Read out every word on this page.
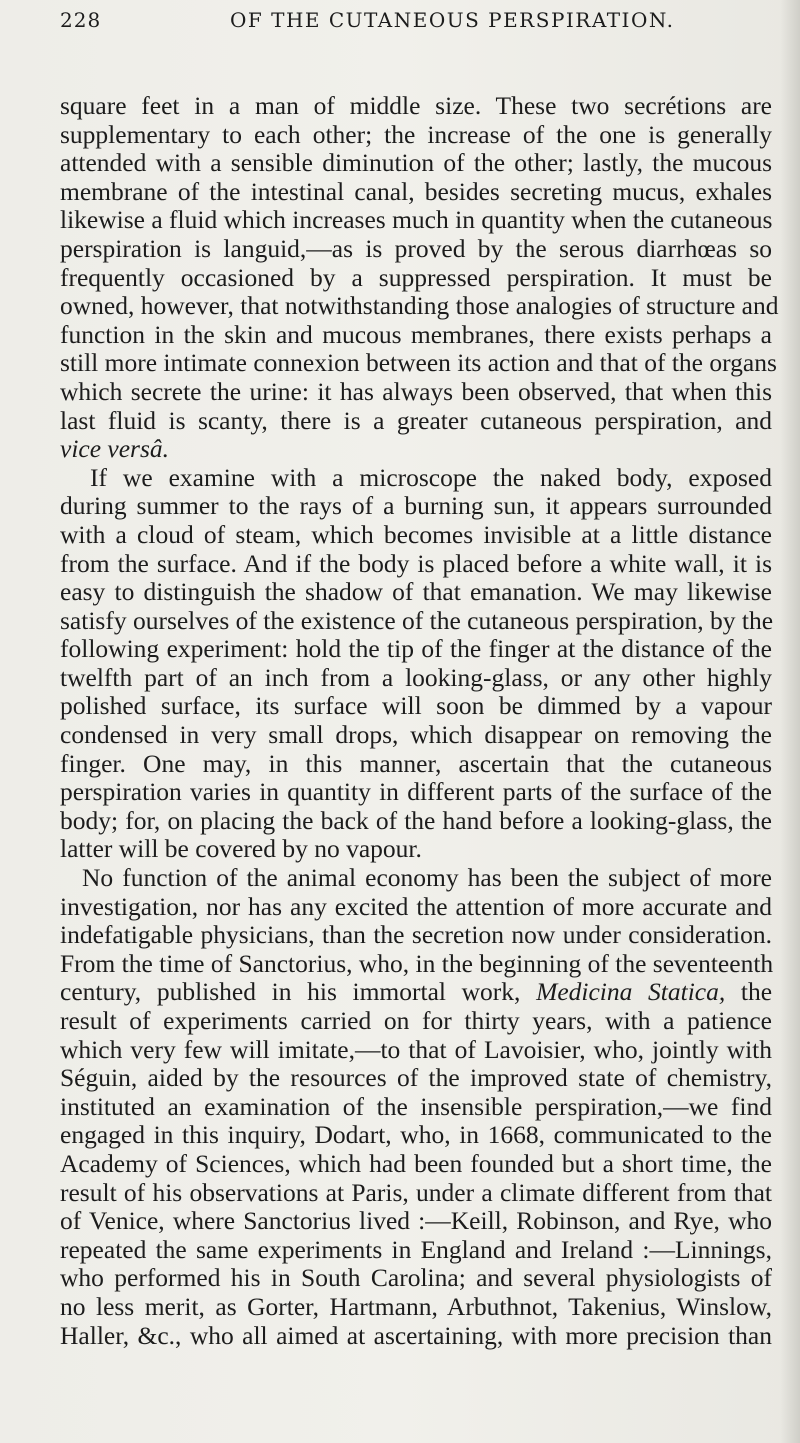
228	OF THE CUTANEOUS PERSPIRATION.
square feet in a man of middle size. These two secrétions are
supplementary to each other; the increase of the one is generally
attended with a sensible diminution of the other; lastly, the mucous
membrane of the intestinal canal, besides secreting mucus, exhales
likewise a fluid which increases much in quantity when the cutaneous
perspiration is languid,—as is proved by the serous diarrhœas so
frequently occasioned by a suppressed perspiration. It must be
owned, however, that notwithstanding those analogies of structure and
function in the skin and mucous membranes, there exists perhaps a
still more intimate connexion between its action and that of the organs
which secrete the urine: it has always been observed, that when this
last fluid is scanty, there is a greater cutaneous perspiration, and
vice versâ.
If we examine with a microscope the naked body, exposed
during summer to the rays of a burning sun, it appears surrounded
with a cloud of steam, which becomes invisible at a little distance
from the surface. And if the body is placed before a white wall, it is
easy to distinguish the shadow of that emanation. We may likewise
satisfy ourselves of the existence of the cutaneous perspiration, by the
following experiment: hold the tip of the finger at the distance of the
twelfth part of an inch from a looking-glass, or any other highly
polished surface, its surface will soon be dimmed by a vapour
condensed in very small drops, which disappear on removing the
finger. One may, in this manner, ascertain that the cutaneous
perspiration varies in quantity in different parts of the surface of the
body; for, on placing the back of the hand before a looking-glass, the
latter will be covered by no vapour.
No function of the animal economy has been the subject of more
investigation, nor has any excited the attention of more accurate and
indefatigable physicians, than the secretion now under consideration.
From the time of Sanctorius, who, in the beginning of the seventeenth
century, published in his immortal work, Medicina Statica, the
result of experiments carried on for thirty years, with a patience
which very few will imitate,—to that of Lavoisier, who, jointly with
Séguin, aided by the resources of the improved state of chemistry,
instituted an examination of the insensible perspiration,—we find
engaged in this inquiry, Dodart, who, in 1668, communicated to the
Academy of Sciences, which had been founded but a short time, the
result of his observations at Paris, under a climate different from that
of Venice, where Sanctorius lived :—Keill, Robinson, and Rye, who
repeated the same experiments in England and Ireland :—Linnings,
who performed his in South Carolina; and several physiologists of
no less merit, as Gorter, Hartmann, Arbuthnot, Takenius, Winslow,
Haller, &c., who all aimed at ascertaining, with more precision than
